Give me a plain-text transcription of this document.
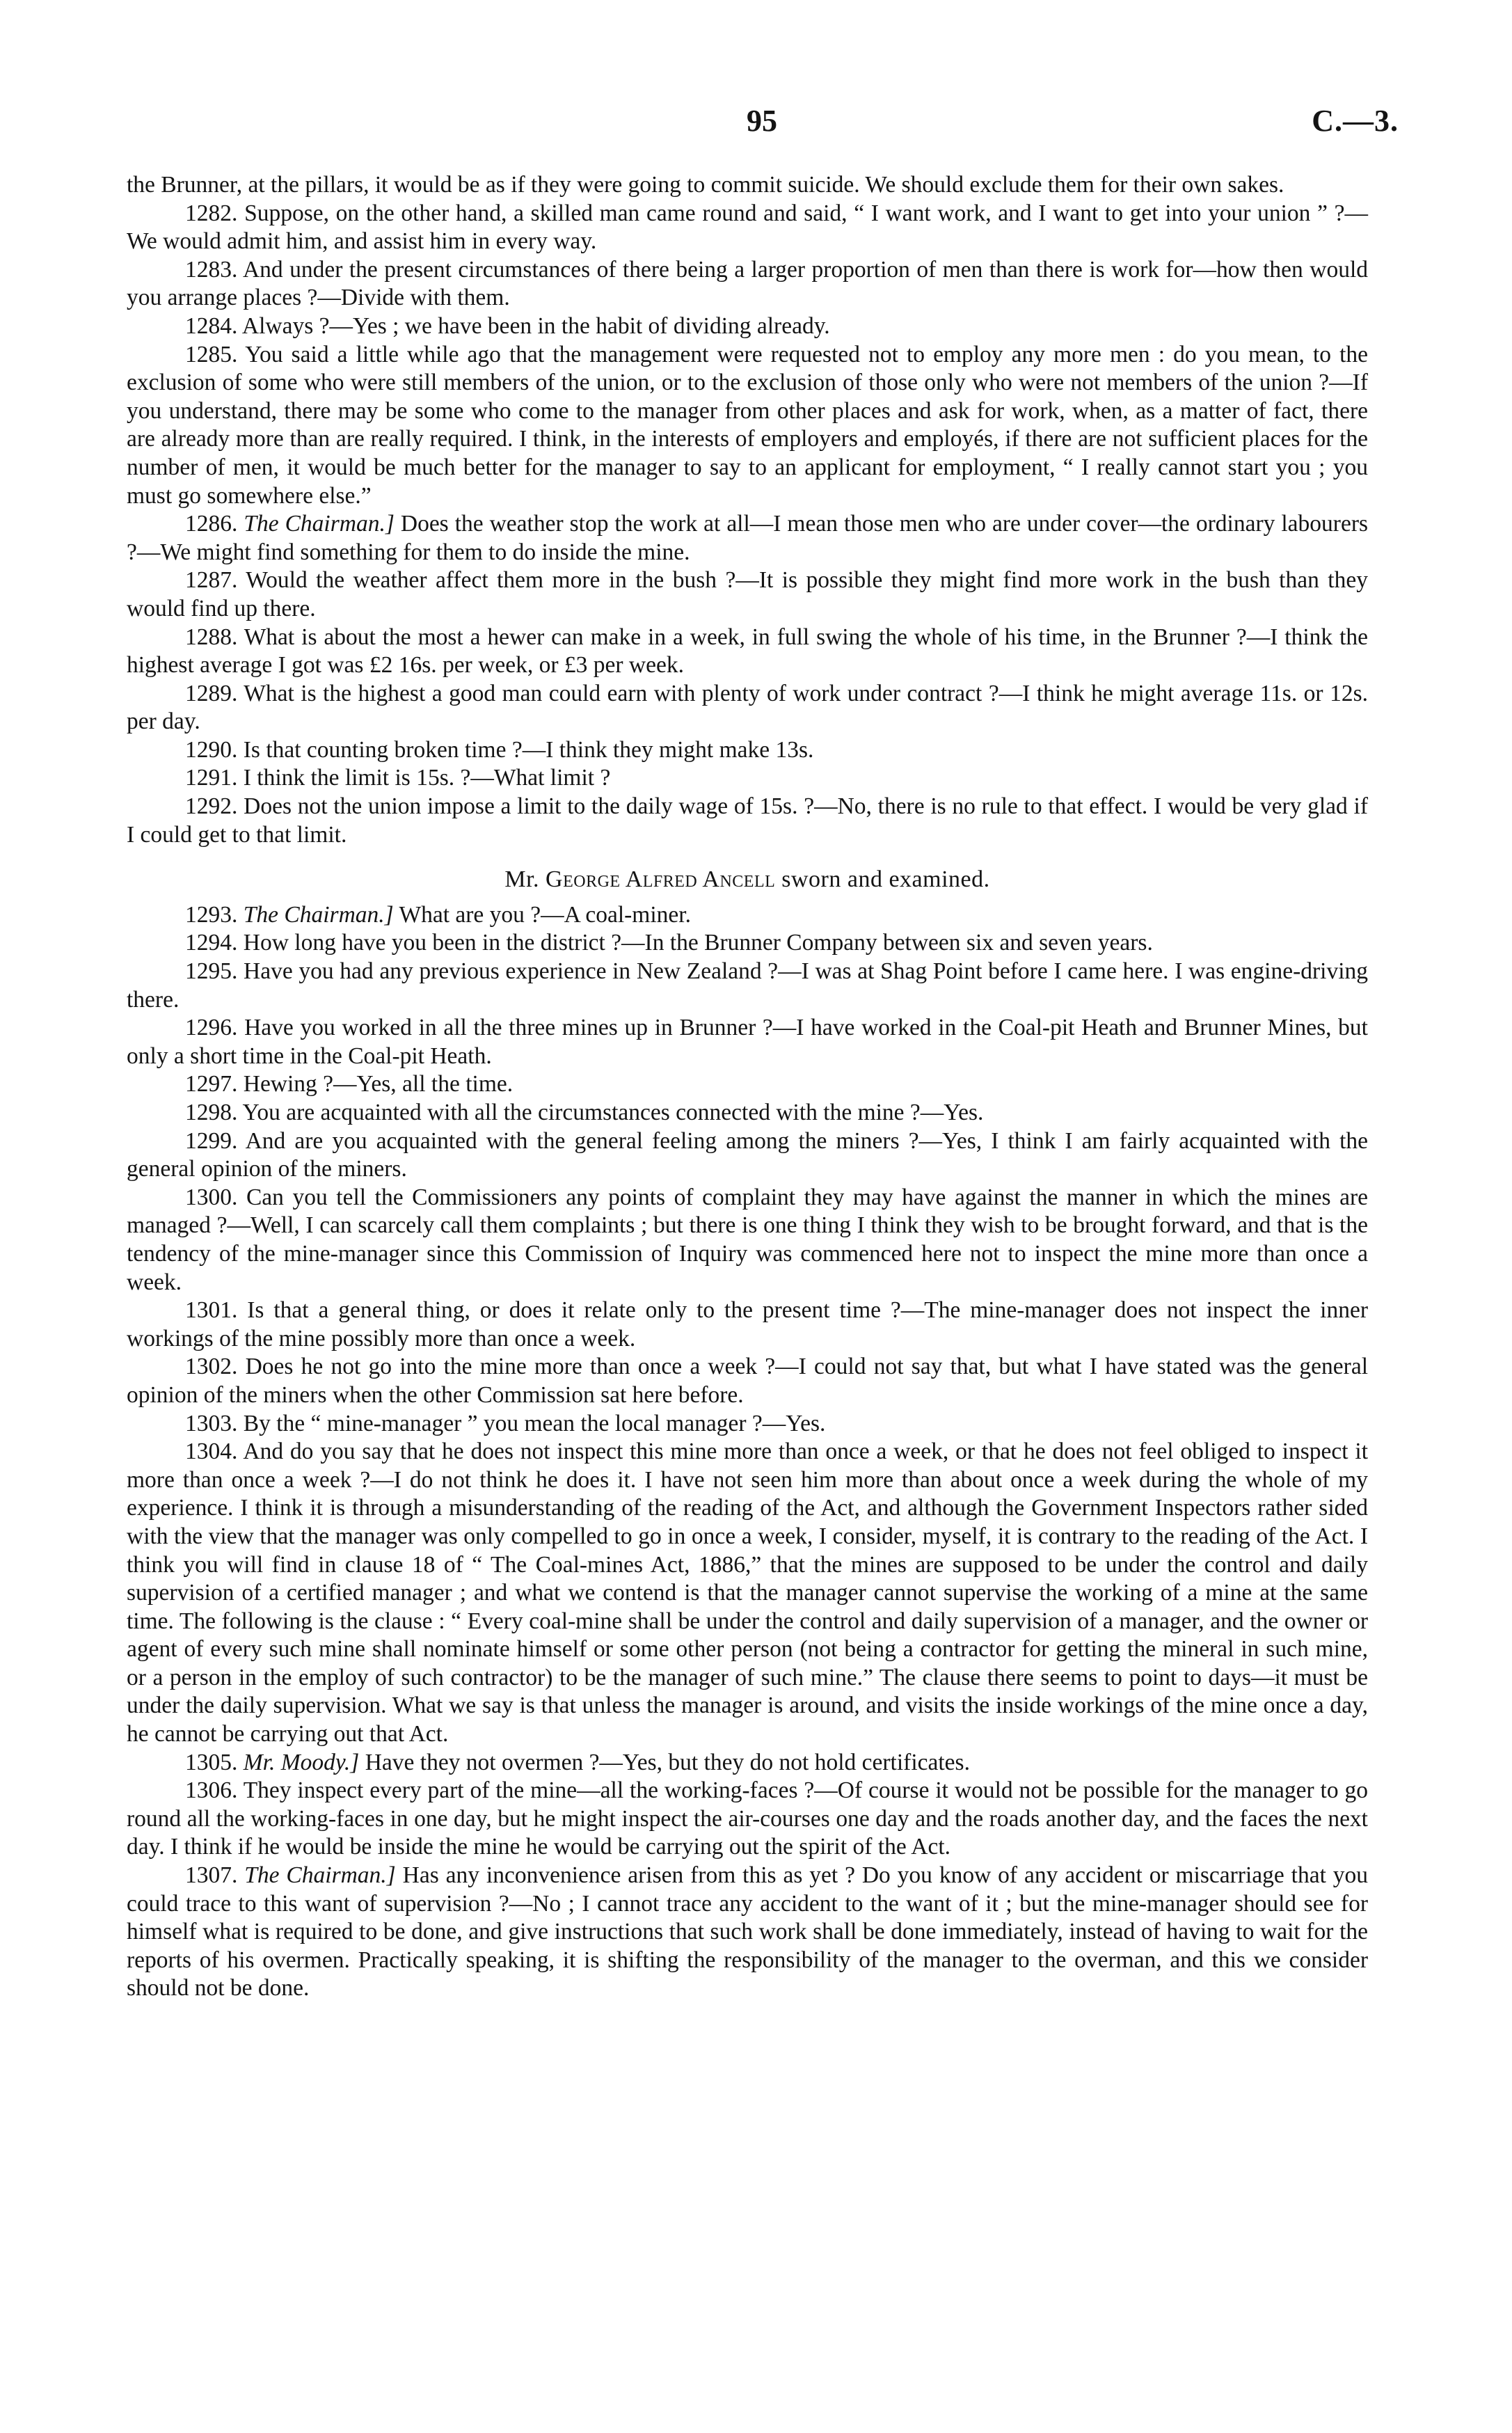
95	C.—3.

the Brunner, at the pillars, it would be as if they were going to commit suicide. We should exclude them for their own sakes.

1282. Suppose, on the other hand, a skilled man came round and said, “ I want work, and I want to get into your union ” ?—We would admit him, and assist him in every way.

1283. And under the present circumstances of there being a larger proportion of men than there is work for—how then would you arrange places ?—Divide with them.

1284. Always ?—Yes ; we have been in the habit of dividing already.

1285. You said a little while ago that the management were requested not to employ any more men : do you mean, to the exclusion of some who were still members of the union, or to the exclusion of those only who were not members of the union ?—If you understand, there may be some who come to the manager from other places and ask for work, when, as a matter of fact, there are already more than are really required. I think, in the interests of employers and employés, if there are not sufficient places for the number of men, it would be much better for the manager to say to an applicant for employment, “ I really cannot start you ; you must go somewhere else.”

1286. The Chairman.] Does the weather stop the work at all—I mean those men who are under cover—the ordinary labourers ?—We might find something for them to do inside the mine.

1287. Would the weather affect them more in the bush ?—It is possible they might find more work in the bush than they would find up there.

1288. What is about the most a hewer can make in a week, in full swing the whole of his time, in the Brunner ?—I think the highest average I got was £2 16s. per week, or £3 per week.

1289. What is the highest a good man could earn with plenty of work under contract ?—I think he might average 11s. or 12s. per day.

1290. Is that counting broken time ?—I think they might make 13s.

1291. I think the limit is 15s. ?—What limit ?

1292. Does not the union impose a limit to the daily wage of 15s. ?—No, there is no rule to that effect. I would be very glad if I could get to that limit.

Mr. George Alfred Ancell sworn and examined.

1293. The Chairman.] What are you ?—A coal-miner.

1294. How long have you been in the district ?—In the Brunner Company between six and seven years.

1295. Have you had any previous experience in New Zealand ?—I was at Shag Point before I came here. I was engine-driving there.

1296. Have you worked in all the three mines up in Brunner ?—I have worked in the Coal-pit Heath and Brunner Mines, but only a short time in the Coal-pit Heath.

1297. Hewing ?—Yes, all the time.

1298. You are acquainted with all the circumstances connected with the mine ?—Yes.

1299. And are you acquainted with the general feeling among the miners ?—Yes, I think I am fairly acquainted with the general opinion of the miners.

1300. Can you tell the Commissioners any points of complaint they may have against the manner in which the mines are managed ?—Well, I can scarcely call them complaints ; but there is one thing I think they wish to be brought forward, and that is the tendency of the mine-manager since this Commission of Inquiry was commenced here not to inspect the mine more than once a week.

1301. Is that a general thing, or does it relate only to the present time ?—The mine-manager does not inspect the inner workings of the mine possibly more than once a week.

1302. Does he not go into the mine more than once a week ?—I could not say that, but what I have stated was the general opinion of the miners when the other Commission sat here before.

1303. By the “ mine-manager ” you mean the local manager ?—Yes.

1304. And do you say that he does not inspect this mine more than once a week, or that he does not feel obliged to inspect it more than once a week ?—I do not think he does it. I have not seen him more than about once a week during the whole of my experience. I think it is through a misunderstanding of the reading of the Act, and although the Government Inspectors rather sided with the view that the manager was only compelled to go in once a week, I consider, myself, it is contrary to the reading of the Act. I think you will find in clause 18 of “ The Coal-mines Act, 1886,” that the mines are supposed to be under the control and daily supervision of a certified manager ; and what we contend is that the manager cannot supervise the working of a mine at the same time. The following is the clause : “ Every coal-mine shall be under the control and daily supervision of a manager, and the owner or agent of every such mine shall nominate himself or some other person (not being a contractor for getting the mineral in such mine, or a person in the employ of such contractor) to be the manager of such mine.” The clause there seems to point to days—it must be under the daily supervision. What we say is that unless the manager is around, and visits the inside workings of the mine once a day, he cannot be carrying out that Act.

1305. Mr. Moody.] Have they not overmen ?—Yes, but they do not hold certificates.

1306. They inspect every part of the mine—all the working-faces ?—Of course it would not be possible for the manager to go round all the working-faces in one day, but he might inspect the air-courses one day and the roads another day, and the faces the next day. I think if he would be inside the mine he would be carrying out the spirit of the Act.

1307. The Chairman.] Has any inconvenience arisen from this as yet ? Do you know of any accident or miscarriage that you could trace to this want of supervision ?—No ; I cannot trace any accident to the want of it ; but the mine-manager should see for himself what is required to be done, and give instructions that such work shall be done immediately, instead of having to wait for the reports of his overmen. Practically speaking, it is shifting the responsibility of the manager to the overman, and this we consider should not be done.
